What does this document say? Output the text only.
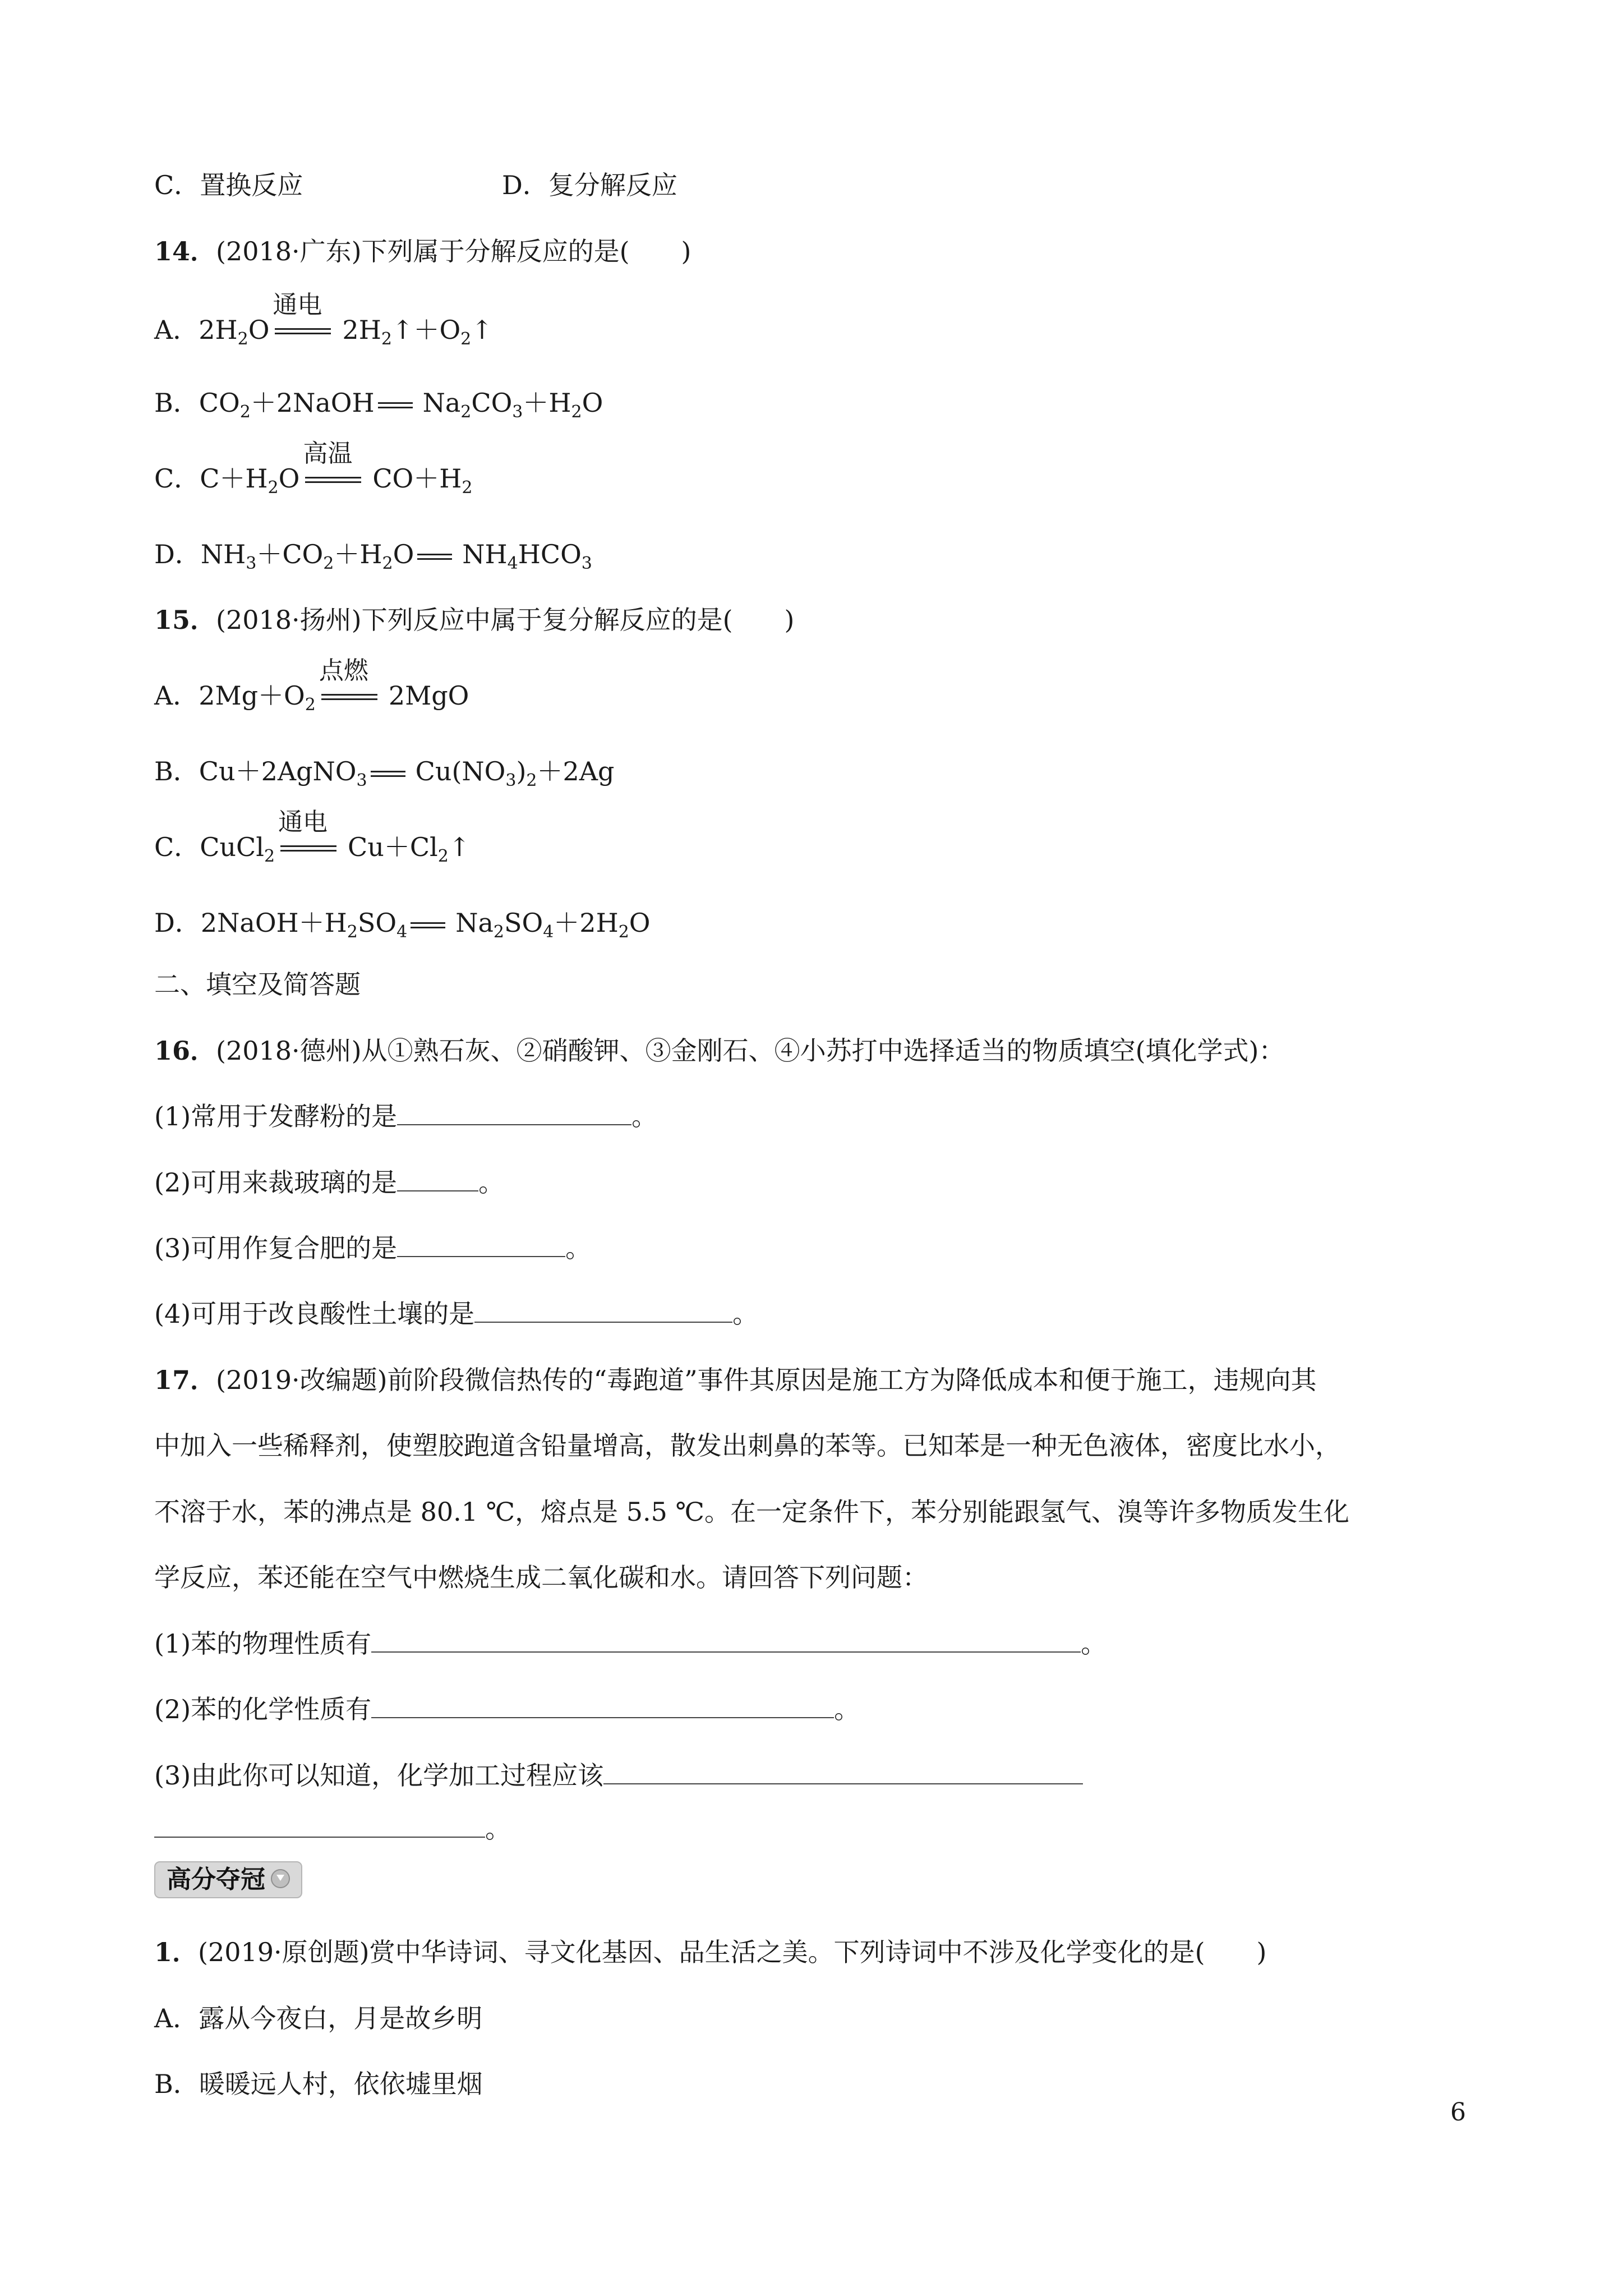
C．置换反应	D．复分解反应
14．(2018·广东)下列属于分解反应的是(　　)
A．$2H_2O$
通电
$2H_2↑+O_2↑$
B．$CO_2+2NaOH$ $Na_2CO_3+H_2O$
C．$C+H_2O$
高温
$CO+H_2$
D．$NH_3+CO_2+H_2O$ $NH_4HCO_3$
15．(2018·扬州)下列反应中属于复分解反应的是(　　)
A．$2Mg+O_2$
点燃
2MgO
B．Cu＋2AgNO$_3$ $Cu(NO_3)_2+2Ag$
C．CuCl$_2$
通电
$Cu+Cl_2↑$
D．$2NaOH+H_2SO_4$ $Na_2SO_4+2H_2O$
二、填空及简答题
16．(2018·德州)从①熟石灰、②硝酸钾、③金刚石、④小苏打中选择适当的物质填空(填化学式)：
(1)常用于发酵粉的是	。
(2)可用来裁玻璃的是	。
(3)可用作复合肥的是	。
(4)可用于改良酸性土壤的是	。
17．(2019·改编题)前阶段微信热传的“毒跑道”事件其原因是施工方为降低成本和便于施工，违规向其
中加入一些稀释剂，使塑胶跑道含铅量增高，散发出刺鼻的苯等。已知苯是一种无色液体，密度比水小，
不溶于水，苯的沸点是 80.1 ℃，熔点是 5.5 ℃。在一定条件下，苯分别能跟氢气、溴等许多物质发生化
学反应，苯还能在空气中燃烧生成二氧化碳和水。请回答下列问题：
(1)苯的物理性质有	。
(2)苯的化学性质有	。
(3)由此你可以知道，化学加工过程应该
。
高分夺冠
1．(2019·原创题)赏中华诗词、寻文化基因、品生活之美。下列诗词中不涉及化学变化的是(　　)
A．露从今夜白，月是故乡明
B．暖暖远人村，依依墟里烟
6
